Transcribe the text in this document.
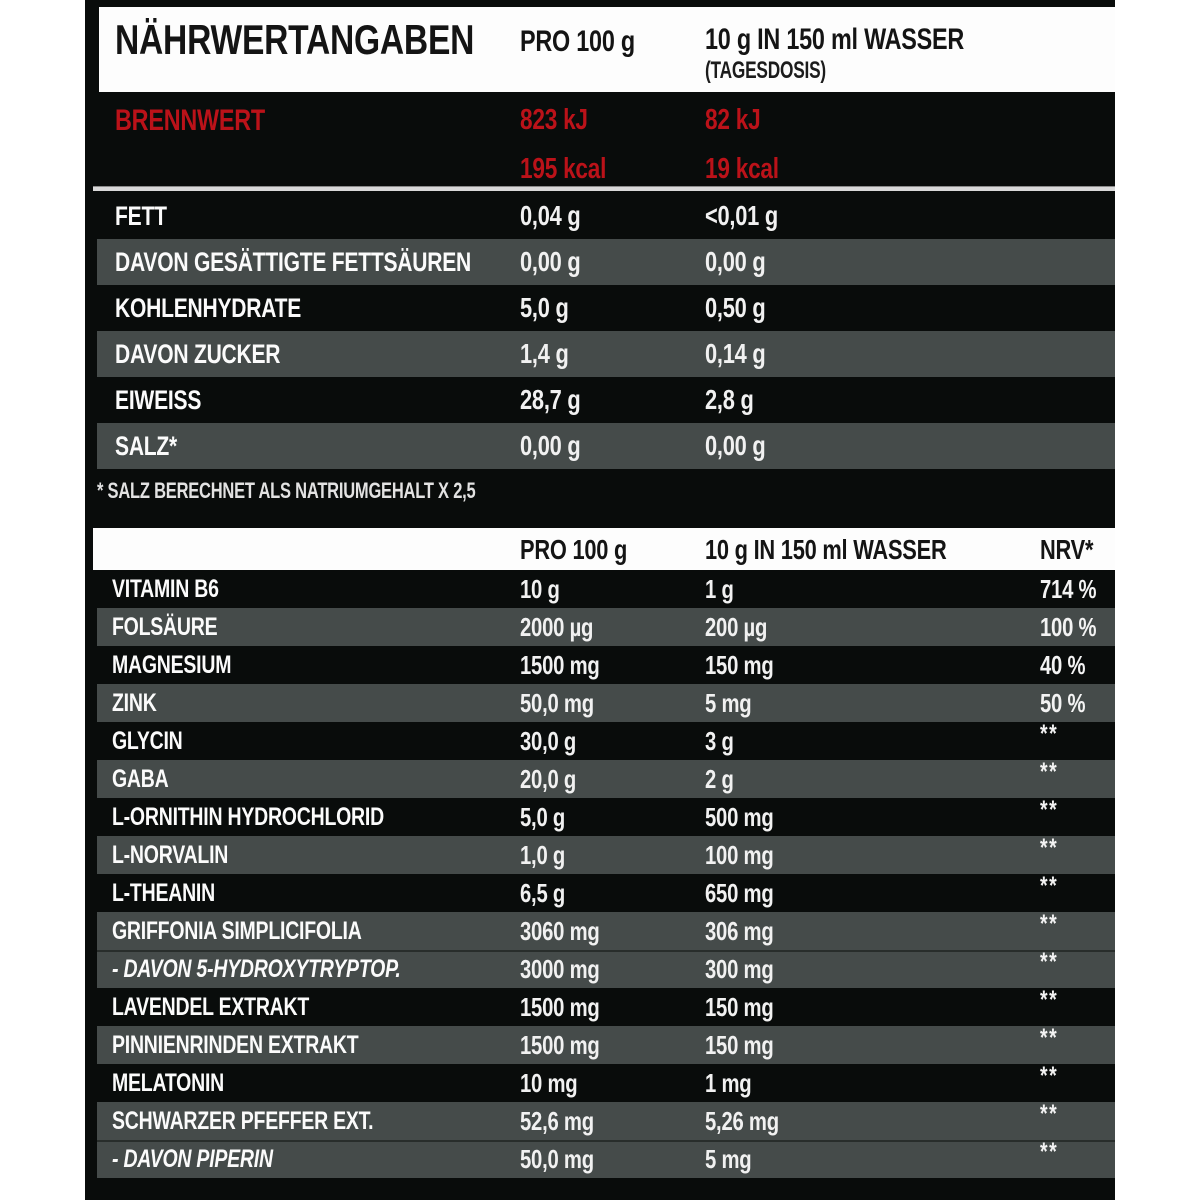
NÄHRWERTANGABEN	PRO 100 g	10 g IN 150 ml WASSER
(TAGESDOSIS)
BRENNWERT	823 kJ	82 kJ
195 kcal	19 kcal
FETT	0,04 g	<0,01 g
DAVON GESÄTTIGTE FETTSÄUREN	0,00 g	0,00 g
KOHLENHYDRATE	5,0 g	0,50 g
DAVON ZUCKER	1,4 g	0,14 g
EIWEISS	28,7 g	2,8 g
SALZ*	0,00 g	0,00 g
* SALZ BERECHNET ALS NATRIUMGEHALT X 2,5
PRO 100 g	10 g IN 150 ml WASSER	NRV*
VITAMIN B6	10 g	1 g	714 %
FOLSÄURE	2000 µg	200 µg	100 %
MAGNESIUM	1500 mg	150 mg	40 %
ZINK	50,0 mg	5 mg	50 %
GLYCIN	30,0 g	3 g	**
GABA	20,0 g	2 g	**
L-ORNITHIN HYDROCHLORID	5,0 g	500 mg	**
L-NORVALIN	1,0 g	100 mg	**
L-THEANIN	6,5 g	650 mg	**
GRIFFONIA SIMPLICIFOLIA	3060 mg	306 mg	**
- DAVON 5-HYDROXYTRYPTOP.	3000 mg	300 mg	**
LAVENDEL EXTRAKT	1500 mg	150 mg	**
PINNIENRINDEN EXTRAKT	1500 mg	150 mg	**
MELATONIN	10 mg	1 mg	**
SCHWARZER PFEFFER EXT.	52,6 mg	5,26 mg	**
- DAVON PIPERIN	50,0 mg	5 mg	**
